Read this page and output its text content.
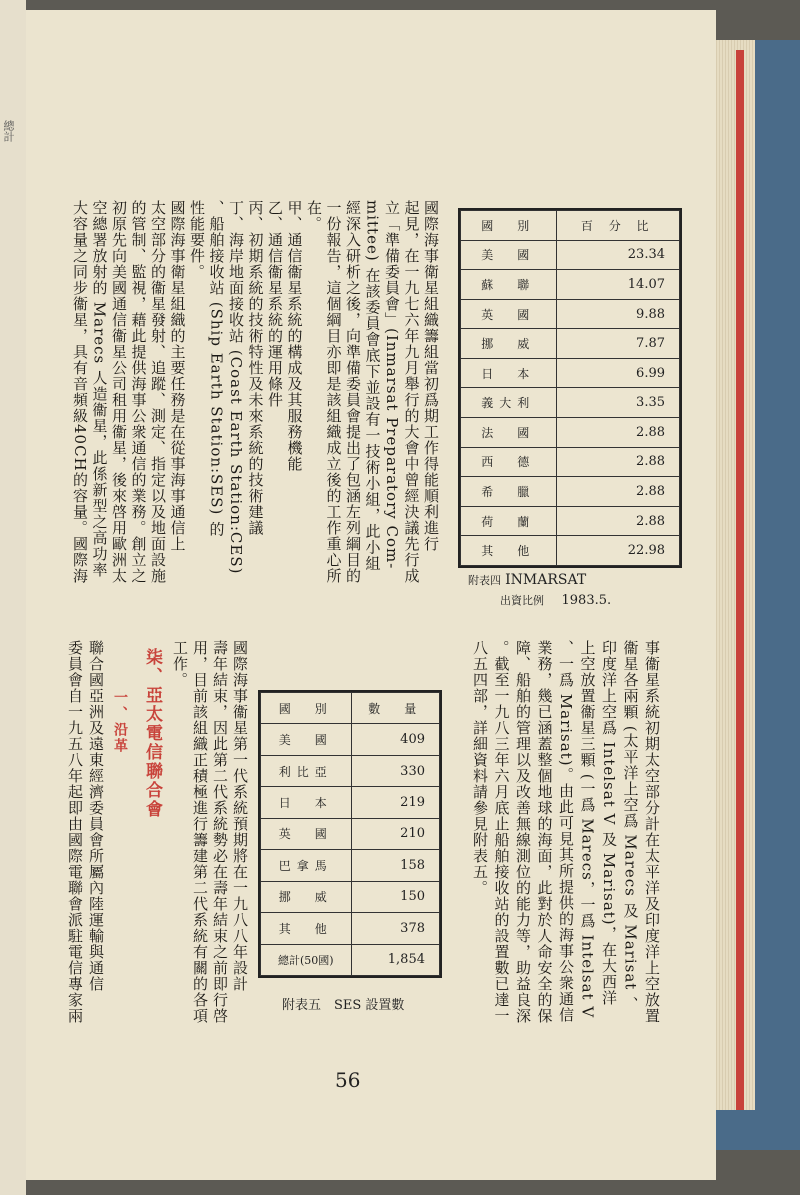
總計
國際海事衛星組織籌組當初爲期工作得能順利進行
起見，在一九七六年九月舉行的大會中曾經決議先行成
立「準備委員會」(Inmarsat Preparatory Com-
mittee) 在該委員會底下並設有一技術小組，此小組
經深入研析之後，向準備委員會提出了包涵左列綱目的
一份報告，這個綱目亦即是該組織成立後的工作重心所
在。
甲、通信衞星系統的構成及其服務機能
乙、通信衞星系統的運用條件
丙、初期系統的技術特性及未來系統的技術建議
丁、海岸地面接收站 (Coast Earth Station:CES)
、船舶接收站 (Ship Earth Station:SES) 的
性能要件。
國際海事衛星組織的主要任務是在從事海事通信上
太空部分的衞星發射、追蹤、測定、指定以及地面設施
的管制、監視，藉此提供海事公衆通信的業務。創立之
初原先向美國通信衞星公司租用衞星，後來啓用歐洲太
空總署放射的 Marecs 人造衞星，此係新型之高功率
大容量之同步衞星，具有音頻級40CH的容量。國際海	國　別	百 分 比
美　國	23.34
蘇　聯	14.07
英　國	9.88
挪　威	7.87
日　本	6.99
義大利	3.35
法　國	2.88
西　德	2.88
希　臘	2.88
荷　蘭	2.88
其　他	22.98
附表四 INMARSAT
出資比例 1983.5.
事衞星系統初期太空部分計在太平洋及印度洋上空放置
衞星各兩顆 (太平洋上空爲 Marecs 及 Marisat 、
印度洋上空爲 Intelsat V 及 Marisat)，在大西洋
上空放置衞星三顆 (一爲 Marecs，一爲 Intelsat V
、一爲 Marisat)。由此可見其所提供的海事公衆通信
業務，幾已涵蓋整個地球的海面，此對於人命安全的保
障、船舶的管理以及改善無線測位的能力等，助益良深
。截至一九八三年六月底止船舶接收站的設置數已達一
八五四部，詳細資料請參見附表五。
國　別	數　量
美　國	409
利比亞	330
日　本	219
英　國	210
巴拿馬	158
挪　威	150
其　他	378
總計(50國)	1,854
附表五　SES 設置數
國際海事衞星第一代系統預期將在一九八八年設計
壽年結束，因此第二代系統勢必在壽年結束之前即行啓
用，目前該組織正積極進行籌建第二代系統有關的各項
工作。
柒、亞太電信聯合會
一、沿革
聯合國亞洲及遠東經濟委員會所屬內陸運輸與通信
委員會自一九五八年起即由國際電聯會派駐電信專家兩
56
